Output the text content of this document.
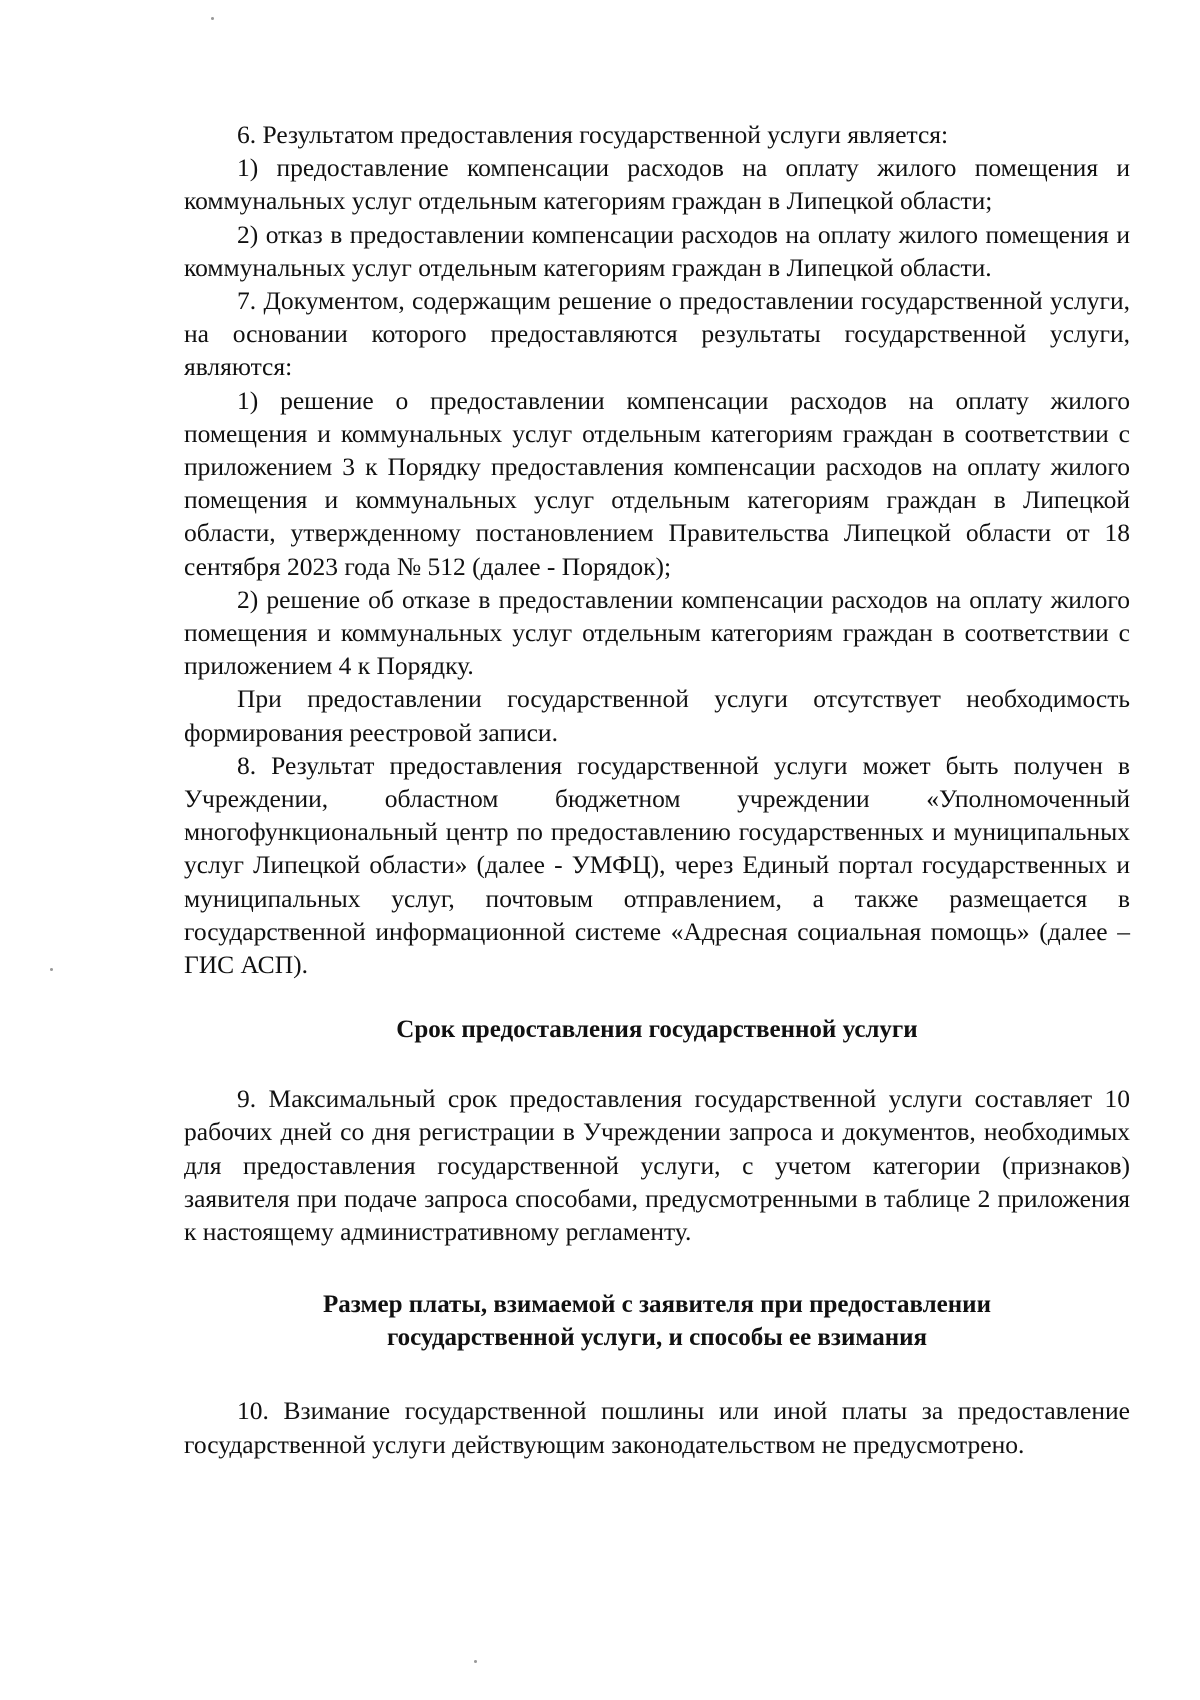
6. Результатом предоставления государственной услуги является:

1) предоставление компенсации расходов на оплату жилого помещения и коммунальных услуг отдельным категориям граждан в Липецкой области;

2) отказ в предоставлении компенсации расходов на оплату жилого помещения и коммунальных услуг отдельным категориям граждан в Липецкой области.

7. Документом, содержащим решение о предоставлении государственной услуги, на основании которого предоставляются результаты государственной услуги, являются:

1) решение о предоставлении компенсации расходов на оплату жилого помещения и коммунальных услуг отдельным категориям граждан в соответствии с приложением 3 к Порядку предоставления компенсации расходов на оплату жилого помещения и коммунальных услуг отдельным категориям граждан в Липецкой области, утвержденному постановлением Правительства Липецкой области от 18 сентября 2023 года № 512 (далее - Порядок);

2) решение об отказе в предоставлении компенсации расходов на оплату жилого помещения и коммунальных услуг отдельным категориям граждан в соответствии с приложением 4 к Порядку.

При предоставлении государственной услуги отсутствует необходимость формирования реестровой записи.

8. Результат предоставления государственной услуги может быть получен в Учреждении, областном бюджетном учреждении «Уполномоченный многофункциональный центр по предоставлению государственных и муниципальных услуг Липецкой области» (далее - УМФЦ), через Единый портал государственных и муниципальных услуг, почтовым отправлением, а также размещается в государственной информационной системе «Адресная социальная помощь» (далее – ГИС АСП).

Срок предоставления государственной услуги

9. Максимальный срок предоставления государственной услуги составляет 10 рабочих дней со дня регистрации в Учреждении запроса и документов, необходимых для предоставления государственной услуги, с учетом категории (признаков) заявителя при подаче запроса способами, предусмотренными в таблице 2 приложения к настоящему административному регламенту.

Размер платы, взимаемой с заявителя при предоставлении
государственной услуги, и способы ее взимания

10. Взимание государственной пошлины или иной платы за предоставление государственной услуги действующим законодательством не предусмотрено.
